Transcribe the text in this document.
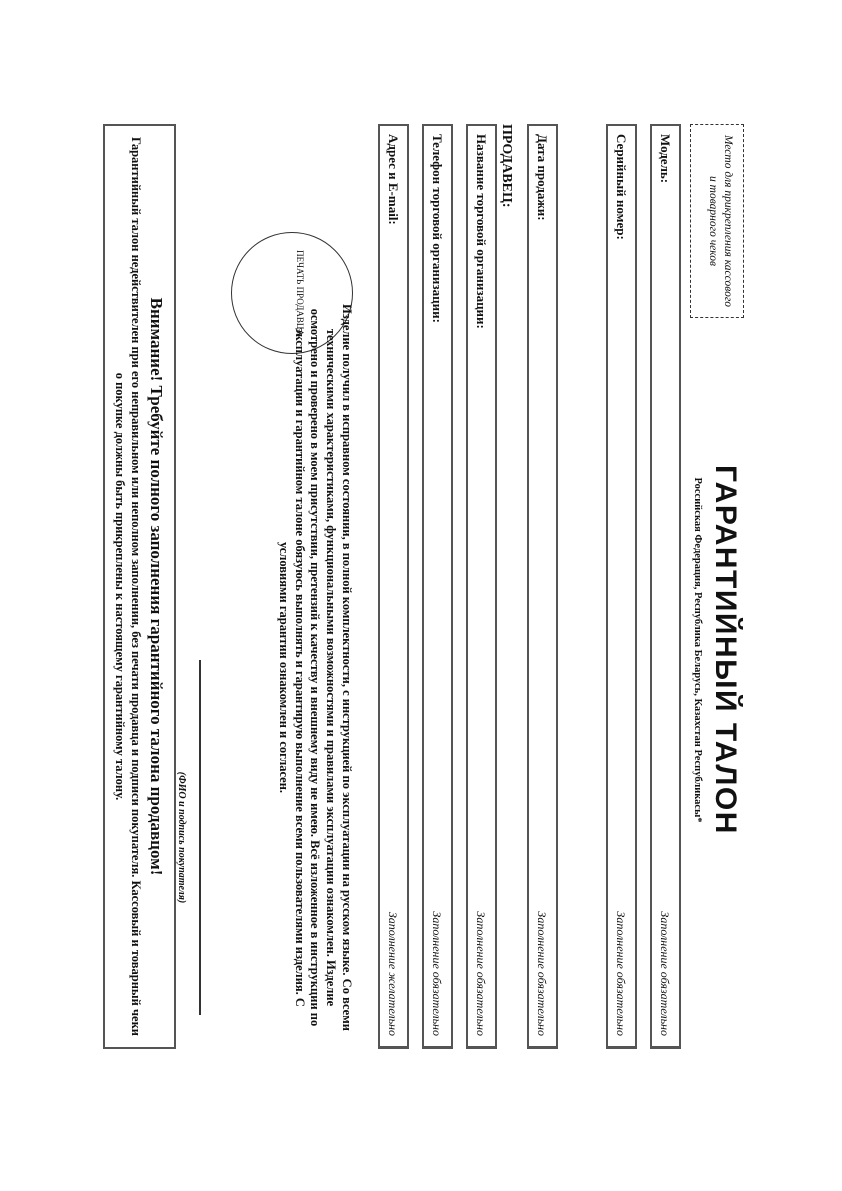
Место для прикрепления кассового и товарного чеков
ГАРАНТИЙНЫЙ ТАЛОН
Российская Федерация, Республика Беларусь, Казахстан Республикасы*
Модель:
Заполнение обязательно
Серийный номер:
Заполнение обязательно
Дата продажи:
Заполнение обязательно
ПРОДАВЕЦ:
Название торговой организации:
Заполнение обязательно
Телефон торговой организации:
Заполнение обязательно
Адрес и E-mail:
Заполнение желательно
ПЕЧАТЬ ПРОДАВЦА
Изделие получил в исправном состоянии, в полной комплектности, с инструкцией по эксплуатации на русском языке. Со всеми техническими характеристиками, функциональными возможностями и правилами эксплуатации ознакомлен. Изделие осмотрено и проверено в моем присутствии, претензий к качеству и внешнему виду не имею. Всё изложенное в инструкции по эксплуатации и гарантийном талоне обязуюсь выполнять и гарантирую выполнение всеми пользователями изделия. С условиями гарантии ознакомлен и согласен.
(ФИО и подпись покупателя)
Внимание! Требуйте полного заполнения гарантийного талона продавцом!
Гарантийный талон недействителен при его неправильном или неполном заполнении, без печати продавца и подписи покупателя. Кассовый и товарный чеки о покупке должны быть прикреплены к настоящему гарантийному талону.
